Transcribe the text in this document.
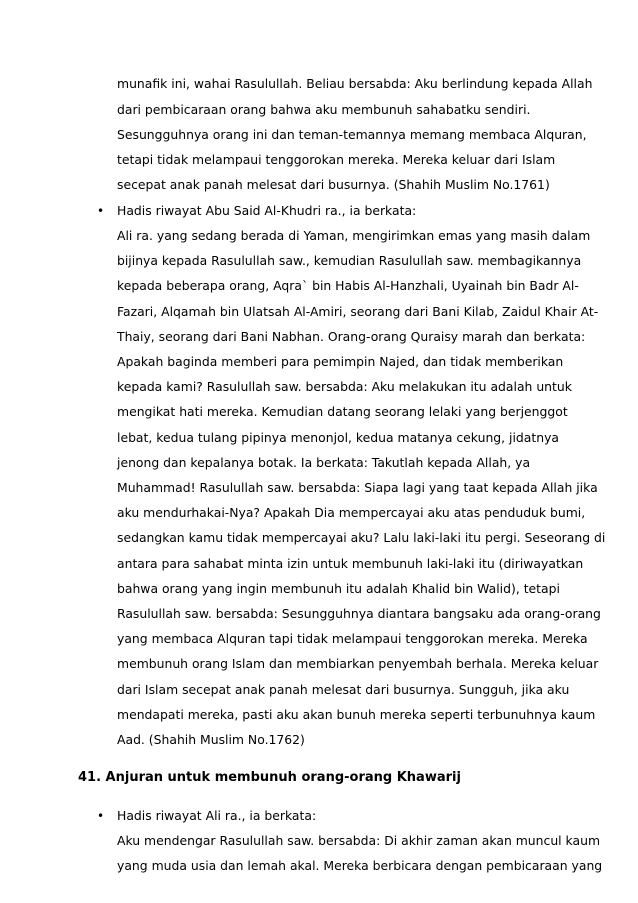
munafik ini, wahai Rasulullah. Beliau bersabda: Aku berlindung kepada Allah
dari pembicaraan orang bahwa aku membunuh sahabatku sendiri.
Sesungguhnya orang ini dan teman-temannya memang membaca Alquran,
tetapi tidak melampaui tenggorokan mereka. Mereka keluar dari Islam
secepat anak panah melesat dari busurnya. (Shahih Muslim No.1761)
• Hadis riwayat Abu Said Al-Khudri ra., ia berkata:
Ali ra. yang sedang berada di Yaman, mengirimkan emas yang masih dalam
bijinya kepada Rasulullah saw., kemudian Rasulullah saw. membagikannya
kepada beberapa orang, Aqra` bin Habis Al-Hanzhali, Uyainah bin Badr Al-
Fazari, Alqamah bin Ulatsah Al-Amiri, seorang dari Bani Kilab, Zaidul Khair At-
Thaiy, seorang dari Bani Nabhan. Orang-orang Quraisy marah dan berkata:
Apakah baginda memberi para pemimpin Najed, dan tidak memberikan
kepada kami? Rasulullah saw. bersabda: Aku melakukan itu adalah untuk
mengikat hati mereka. Kemudian datang seorang lelaki yang berjenggot
lebat, kedua tulang pipinya menonjol, kedua matanya cekung, jidatnya
jenong dan kepalanya botak. Ia berkata: Takutlah kepada Allah, ya
Muhammad! Rasulullah saw. bersabda: Siapa lagi yang taat kepada Allah jika
aku mendurhakai-Nya? Apakah Dia mempercayai aku atas penduduk bumi,
sedangkan kamu tidak mempercayai aku? Lalu laki-laki itu pergi. Seseorang di
antara para sahabat minta izin untuk membunuh laki-laki itu (diriwayatkan
bahwa orang yang ingin membunuh itu adalah Khalid bin Walid), tetapi
Rasulullah saw. bersabda: Sesungguhnya diantara bangsaku ada orang-orang
yang membaca Alquran tapi tidak melampaui tenggorokan mereka. Mereka
membunuh orang Islam dan membiarkan penyembah berhala. Mereka keluar
dari Islam secepat anak panah melesat dari busurnya. Sungguh, jika aku
mendapati mereka, pasti aku akan bunuh mereka seperti terbunuhnya kaum
Aad. (Shahih Muslim No.1762)
41. Anjuran untuk membunuh orang-orang Khawarij
• Hadis riwayat Ali ra., ia berkata:
Aku mendengar Rasulullah saw. bersabda: Di akhir zaman akan muncul kaum
yang muda usia dan lemah akal. Mereka berbicara dengan pembicaraan yang
